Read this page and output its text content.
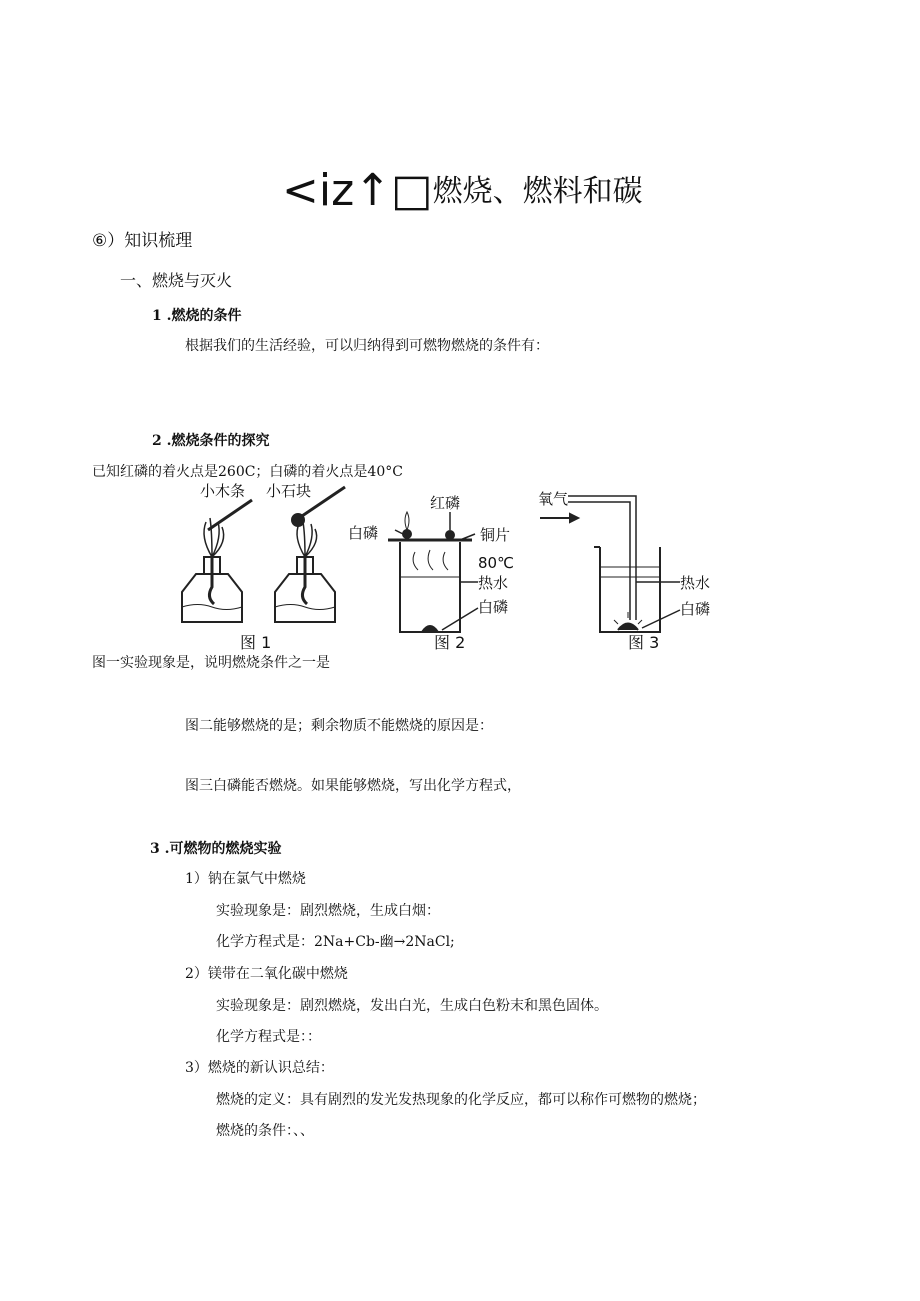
<iz↑□燃烧、燃料和碳
⑥）知识梳理
一、燃烧与灭火
1 .燃烧的条件
根据我们的生活经验，可以归纳得到可燃物燃烧的条件有：
2 .燃烧条件的探究
已知红磷的着火点是260C；白磷的着火点是40°C
小木条 小石块
红磷
白磷	铜片
80℃
热水
白磷
氧气
热水
白磷
图 1	图 2	图 3
图一实验现象是，说明燃烧条件之一是
图二能够燃烧的是；剩余物质不能燃烧的原因是：
图三白磷能否燃烧。如果能够燃烧，写出化学方程式，
3 .可燃物的燃烧实验
1）钠在氯气中燃烧
实验现象是：剧烈燃烧，生成白烟：
化学方程式是：2Na+Cb-幽→2NaCl;
2）镁带在二氧化碳中燃烧
实验现象是：剧烈燃烧，发出白光，生成白色粉末和黑色固体。
化学方程式是：：
3）燃烧的新认识总结：
燃烧的定义：具有剧烈的发光发热现象的化学反应，都可以称作可燃物的燃烧；
燃烧的条件：、、
